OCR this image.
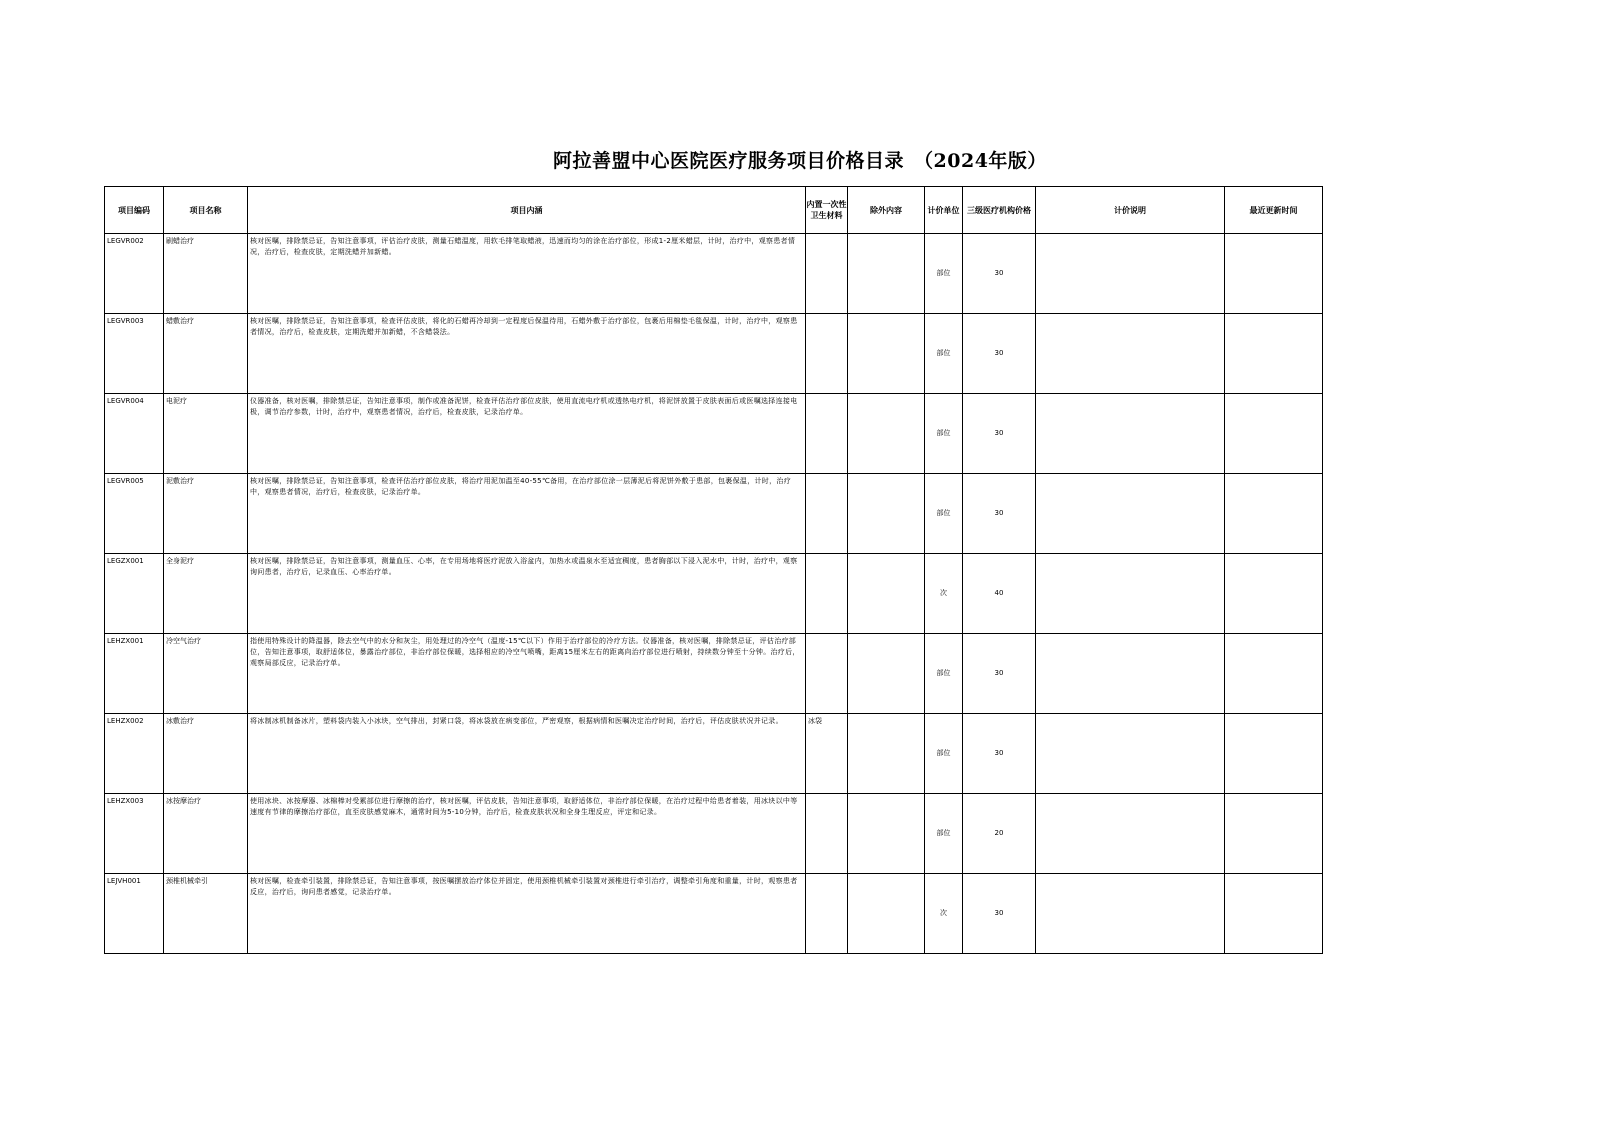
阿拉善盟中心医院医疗服务项目价格目录　（2024年版）
项目编码	项目名称	项目内涵	内置一次性卫生材料	除外内容	计价单位	三级医疗机构价格	计价说明	最近更新时间
LEGVR002	刷蜡治疗	核对医嘱，排除禁忌证，告知注意事项，评估治疗皮肤，测量石蜡温度，用软毛排笔取蜡液，迅速而均匀的涂在治疗部位，形成1-2厘米蜡层，计时，治疗中，观察患者情况，治疗后，检查皮肤，定期洗蜡并加新蜡。			部位	30		
LEGVR003	蜡敷治疗	核对医嘱，排除禁忌证，告知注意事项，检查评估皮肤，将化的石蜡再冷却到一定程度后保温待用，石蜡外敷于治疗部位，包裹后用棉垫毛毯保温，计时，治疗中，观察患者情况，治疗后，检查皮肤，定期洗蜡并加新蜡，不含蜡袋法。			部位	30		
LEGVR004	电泥疗	仪器准备，核对医嘱，排除禁忌证，告知注意事项，制作或准备泥饼，检查评估治疗部位皮肤，使用直流电疗机或透热电疗机，将泥饼放置于皮肤表面后或医嘱选择连接电极，调节治疗参数，计时，治疗中，观察患者情况，治疗后，检查皮肤，记录治疗单。			部位	30		
LEGVR005	泥敷治疗	核对医嘱，排除禁忌证，告知注意事项，检查评估治疗部位皮肤，将治疗用泥加温至40-55℃备用，在治疗部位涂一层薄泥后将泥饼外敷于患部，包裹保温，计时，治疗中，观察患者情况，治疗后，检查皮肤，记录治疗单。			部位	30		
LEGZX001	全身泥疗	核对医嘱，排除禁忌证，告知注意事项，测量血压、心率，在专用场地将医疗泥放入浴盆内，加热水或温泉水至适宜稠度，患者胸部以下浸入泥水中，计时，治疗中，观察询问患者，治疗后，记录血压、心率治疗单。			次	40		
LEHZX001	冷空气治疗	指使用特殊设计的降温器，除去空气中的水分和灰尘，用处理过的冷空气（温度-15℃以下）作用于治疗部位的冷疗方法。仪器准备，核对医嘱，排除禁忌证，评估治疗部位，告知注意事项，取舒适体位，暴露治疗部位，非治疗部位保暖，选择相应的冷空气喷嘴，距离15厘米左右的距离向治疗部位进行喷射，持续数分钟至十分钟。治疗后，观察局部反应，记录治疗单。			部位	30		
LEHZX002	冰敷治疗	将冰制冰机制备冰片，塑料袋内装入小冰块，空气排出，封紧口袋，将冰袋放在病变部位，严密观察，根据病情和医嘱决定治疗时间，治疗后，评估皮肤状况并记录。	冰袋		部位	30		
LEHZX003	冰按摩治疗	使用冰块、冰按摩器、冰棉棒对受累部位进行摩擦的治疗，核对医嘱，评估皮肤，告知注意事项，取舒适体位，非治疗部位保暖，在治疗过程中给患者着装，用冰块以中等速度有节律的摩擦治疗部位，直至皮肤感觉麻木，通常时间为5-10分钟，治疗后，检查皮肤状况和全身生理反应，评定和记录。			部位	20		
LEJVH001	颈椎机械牵引	核对医嘱，检查牵引装置，排除禁忌证，告知注意事项，按医嘱摆放治疗体位并固定，使用颈椎机械牵引装置对颈椎进行牵引治疗，调整牵引角度和重量，计时，观察患者反应，治疗后，询问患者感觉，记录治疗单。			次	30		
